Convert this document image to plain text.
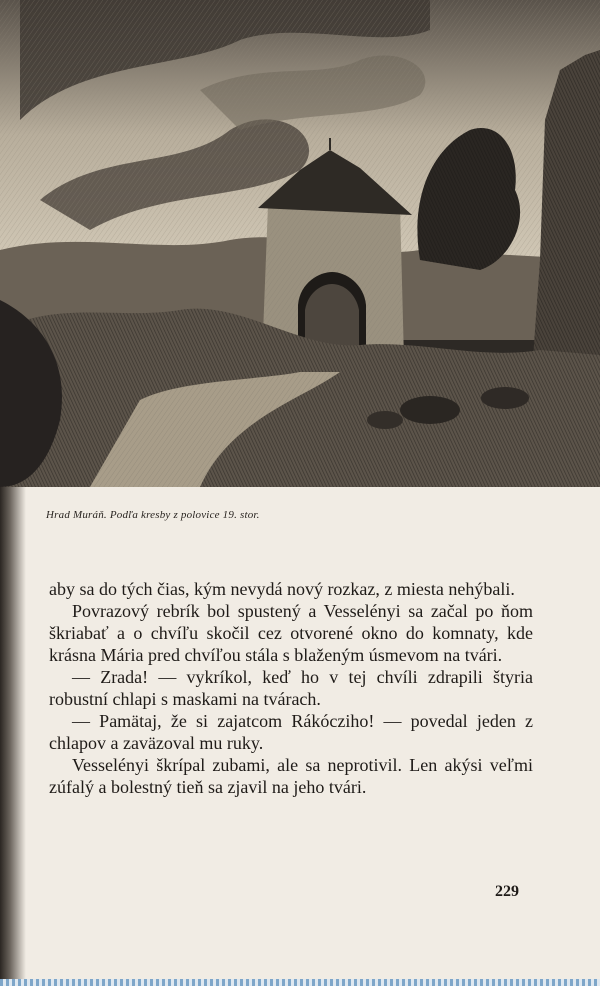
Hrad Muráň. Podľa kresby z polovice 19. stor.

aby sa do tých čias, kým nevydá nový rozkaz, z miesta nehýbali.

Povrazový rebrík bol spustený a Vesselényi sa začal po ňom škriabať a o chvíľu skočil cez otvorené okno do komnaty, kde krásna Mária pred chvíľou stála s blaženým úsmevom na tvári.

— Zrada! — vykríkol, keď ho v tej chvíli zdrapili štyria robustní chlapi s maskami na tvárach.

— Pamätaj, že si zajatcom Rákócziho! — povedal jeden z chlapov a zaväzoval mu ruky.

Vesselényi škrípal zubami, ale sa neprotivil. Len akýsi veľmi zúfalý a bolestný tieň sa zjavil na jeho tvári.

229
